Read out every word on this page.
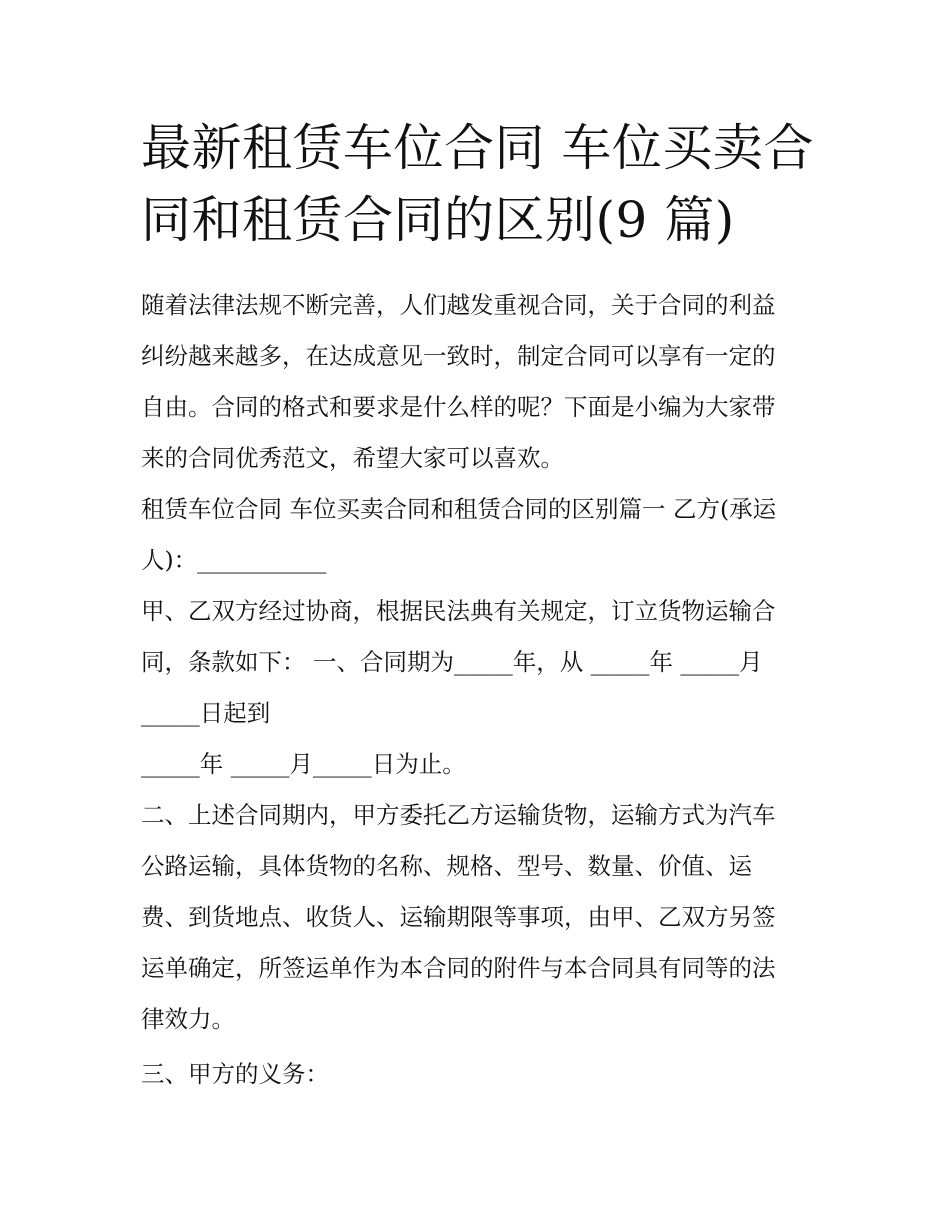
最新租赁车位合同 车位买卖合
同和租赁合同的区别(9 篇)

随着法律法规不断完善，人们越发重视合同，关于合同的利益
纠纷越来越多，在达成意见一致时，制定合同可以享有一定的
自由。合同的格式和要求是什么样的呢？下面是小编为大家带
来的合同优秀范文，希望大家可以喜欢。

租赁车位合同 车位买卖合同和租赁合同的区别篇一 乙方(承运
人)：___________

甲、乙双方经过协商，根据民法典有关规定，订立货物运输合
同，条款如下： 一、合同期为_____年，从 _____年 _____月
_____日起到

_____年 _____月_____日为止。

二、上述合同期内，甲方委托乙方运输货物，运输方式为汽车
公路运输，具体货物的名称、规格、型号、数量、价值、运
费、到货地点、收货人、运输期限等事项，由甲、乙双方另签
运单确定，所签运单作为本合同的附件与本合同具有同等的法
律效力。

三、甲方的义务：
